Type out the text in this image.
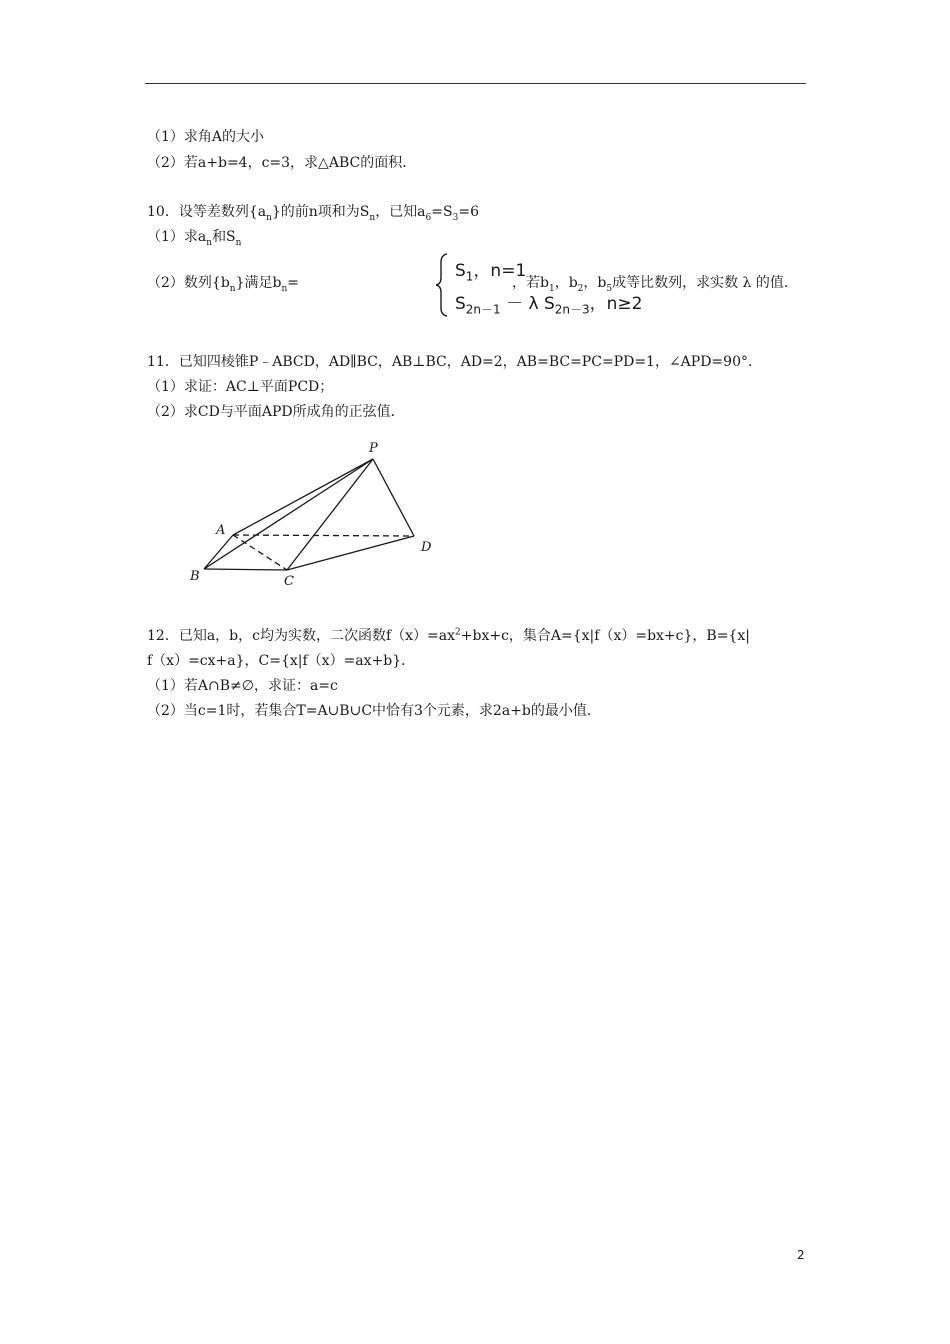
（1）求角A的大小
（2）若a+b=4，c=3，求△ABC的面积．
10．设等差数列$\{a_n\}$的前n项和为$S_n$，已知$a_6=S_3=6$
（1）求$a_n$和$S_n$
（2）数列$\{b_n\}$满足$b_n=$
$S_1$，n=1
$S_{2n-1} - \lambda$ $S_{2n-3}$，n≥2
，若$b_1$，$b_2$，$b_5$成等比数列，求实数 λ 的值．
11．已知四棱锥P﹣ABCD，AD∥BC，AB⊥BC，AD=2，AB=BC=PC=PD=1，∠APD=90°．
（1）求证：AC⊥平面PCD；
（2）求CD与平面APD所成角的正弦值．
P
A
B	C
D
12．已知a，b，c均为实数，二次函数$f(x)=ax^2+bx+c$，集合A={x|f（x）=bx+c}，B={x|
f（x）=cx+a}，C={x|f（x）=ax+b}．
（1）若A∩B≠∅，求证：a=c
（2）当c=1时，若集合T=A∪B∪C中恰有3个元素，求2a+b的最小值．
2
